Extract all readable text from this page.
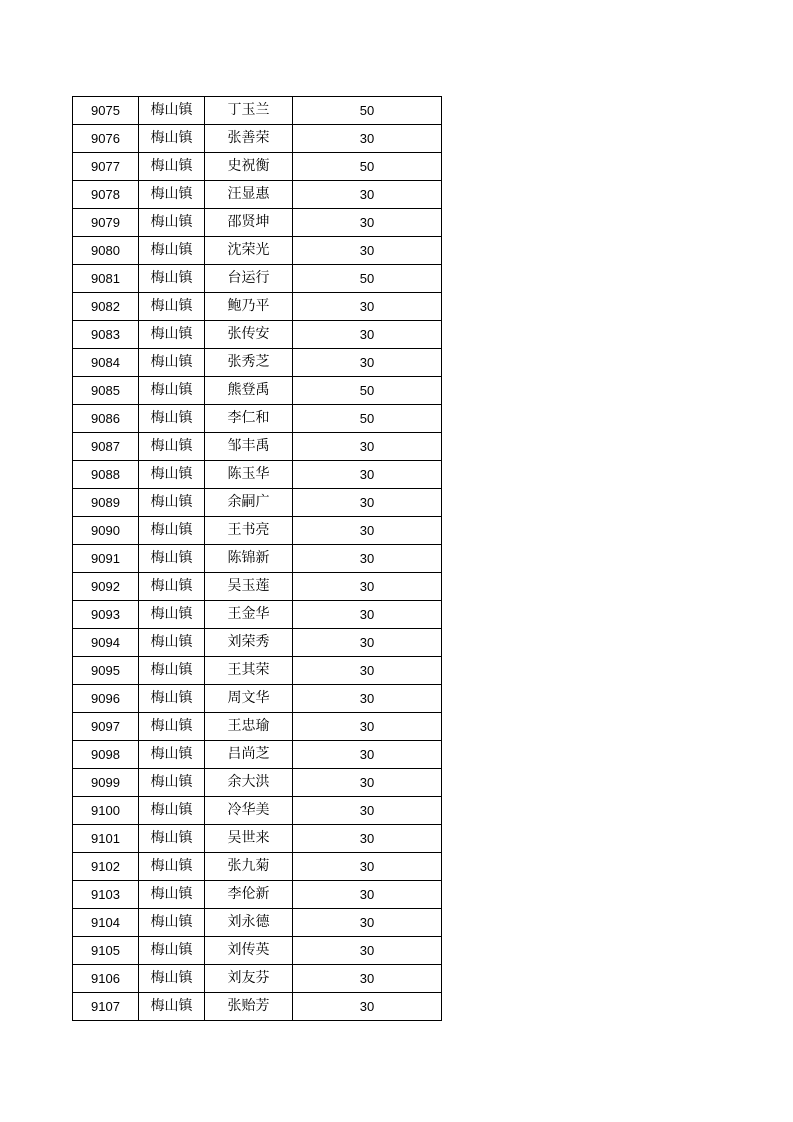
9075	梅山镇	丁玉兰	50
9076	梅山镇	张善荣	30
9077	梅山镇	史祝衡	50
9078	梅山镇	汪显惠	30
9079	梅山镇	邵贤坤	30
9080	梅山镇	沈荣光	30
9081	梅山镇	台运行	50
9082	梅山镇	鲍乃平	30
9083	梅山镇	张传安	30
9084	梅山镇	张秀芝	30
9085	梅山镇	熊登禹	50
9086	梅山镇	李仁和	50
9087	梅山镇	邹丰禹	30
9088	梅山镇	陈玉华	30
9089	梅山镇	余嗣广	30
9090	梅山镇	王书亮	30
9091	梅山镇	陈锦新	30
9092	梅山镇	吴玉莲	30
9093	梅山镇	王金华	30
9094	梅山镇	刘荣秀	30
9095	梅山镇	王其荣	30
9096	梅山镇	周文华	30
9097	梅山镇	王忠瑜	30
9098	梅山镇	吕尚芝	30
9099	梅山镇	余大洪	30
9100	梅山镇	冷华美	30
9101	梅山镇	吴世来	30
9102	梅山镇	张九菊	30
9103	梅山镇	李伦新	30
9104	梅山镇	刘永德	30
9105	梅山镇	刘传英	30
9106	梅山镇	刘友芬	30
9107	梅山镇	张贻芳	30
